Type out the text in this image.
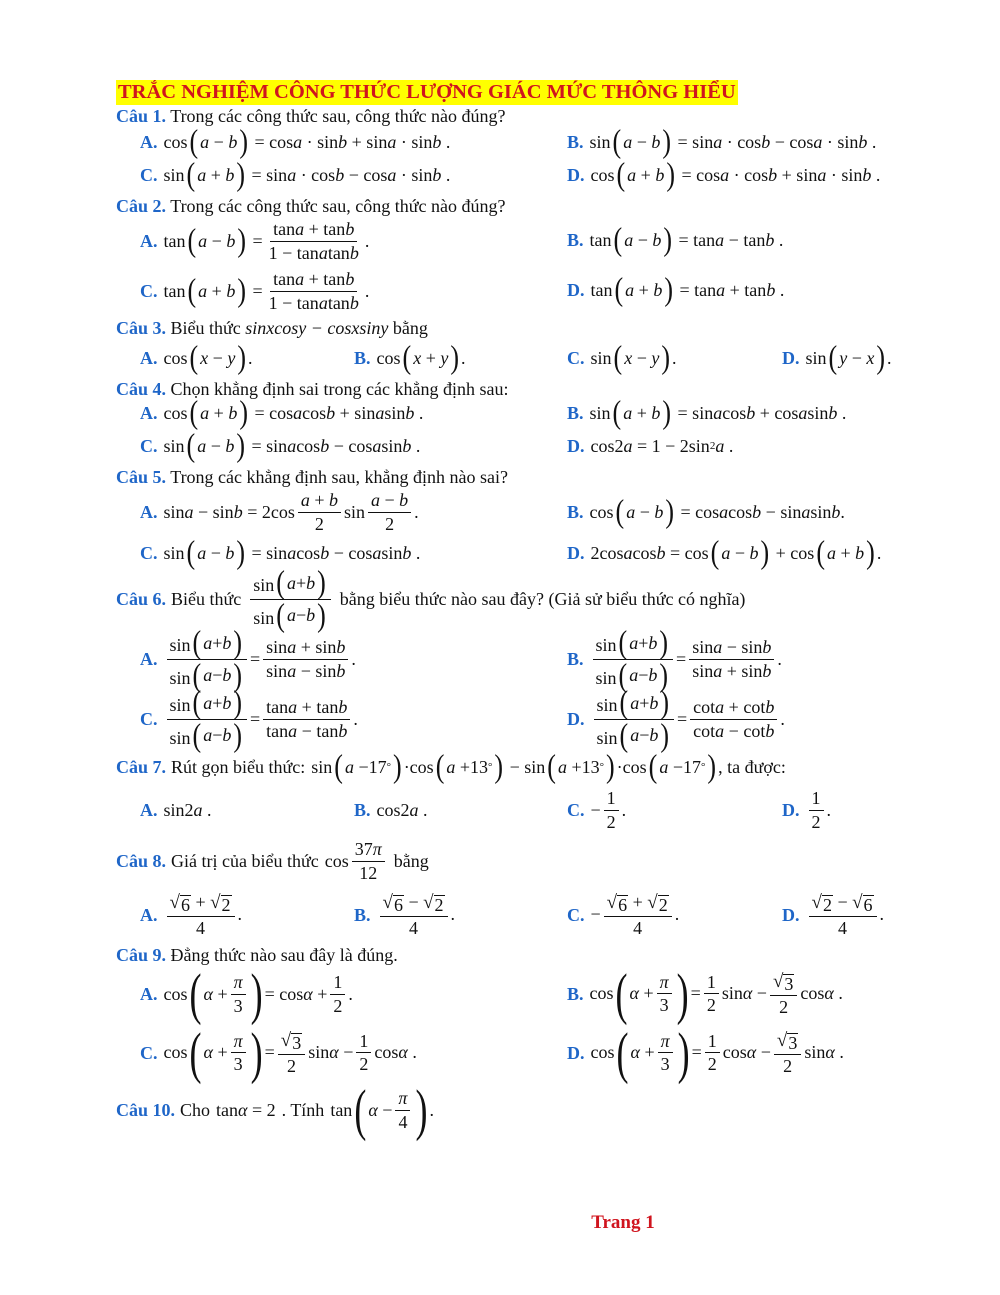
TRẮC NGHIỆM CÔNG THỨC LƯỢNG GIÁC MỨC THÔNG HIỂU
Câu 1. Trong các công thức sau, công thức nào đúng?
A. cos ( a − b ) = cos a · sin b + sin a · sin b .	B. sin ( a − b ) = sin a · cos b − cos a · sin b .
C. sin ( a + b ) = sin a · cos b − cos a · sin b .	D. cos ( a + b ) = cos a · cos b + sin a · sin b .
Câu 2. Trong các công thức sau, công thức nào đúng?
A. tan ( a − b ) = $\frac{\tan a + \tan b}{\text{1 − tanatanb}}$ .	B. tan ( a − b ) = tan a − tan b .
C. tan ( a + b ) = $\frac{\tan a + \tan b}{\text{1 − tanatanb}}$ .	D. tan ( a + b ) = tan a + tan b .
Câu 3. Biểu thức sinxcosy − cosxsiny bằng
A. cos ( x − y ) .	B. cos ( x + y ) .	C. sin ( x − y ) .	D. sin ( y − x ) .
Câu 4. Chọn khẳng định sai trong các khẳng định sau:
A. cos ( a + b ) = cos a cos b + sin a sin b .	B. sin ( a + b ) = sin a cos b + cos a sin b .
C. sin ( a − b ) = sin a cos b − cos a sin b .	D. cos2 a = 1 − 2sin 2 a .
Câu 5. Trong các khẳng định sau, khẳng định nào sai?
A. $\sin a - \sin b = 2\cos \frac{a + b}{2}$ $\sin \frac{a - b}{2}$ .	B. cos ( a − b ) = cos a cos b − sin a sin b .
C. sin ( a − b ) = sin a cos b − cos a sin b .	D. 2cos a cos b = cos ( a − b ) + cos ( a + b ) .
Câu 6. Biểu thức $\frac{\sin ( a + b )}{\sin ( a - b )}$ bằng biểu thức nào sau đây? (Giả sử biểu thức có nghĩa)
A. $\frac{\sin ( a + b )}{\sin ( a - b )} = \frac{\sin a + \sin b}{\sin a - \sin b}$ .	B. $\frac{\sin ( a + b )}{\sin ( a - b )} = \frac{\sin a - \sin b}{\sin a + \sin b}$ .
C. $\frac{\sin ( a + b )}{\sin ( a - b )} = \frac{\tan a + \tan b}{\tan a - \tan b}$ .	D. $\frac{\sin ( a + b )}{\sin ( a - b )} = \frac{\cot a + \cot b}{\cot a - \cot b}$ .
Câu 7. Rút gọn biểu thức: sin ( a −17 ° ) ·cos ( a +13 ° ) − sin ( a +13 ° ) ·cos ( a −17 ° ) , ta được:
A. sin2 a .	B. cos2 a .	C. − $\frac{1}{2}$ .	D. $\frac{1}{2}$ .
Câu 8. Giá trị của biểu thức $\cos \frac{37\pi}{12}$ bằng
A. $\frac{√ 6 + √ 2}{4}$ .	B. $\frac{√ 6 - √ 2}{4}$ .	C. − $\frac{√ 6 + √ 2}{4}$ .	D. $\frac{√ 2 - √ 6}{4}$ .
Câu 9. Đẳng thức nào sau đây là đúng.
A. cos ( $\alpha + \frac{\pi}{3}$ ) = $\cos \alpha + \frac{1}{2}$ .	B. cos ( $\alpha + \frac{\pi}{3}$ ) = $\frac{1}{2}$ $\sin \alpha - \frac{√ 3}{2}$ cos α .
C. cos ( $\alpha + \frac{\pi}{3}$ ) = $\frac{√ 3}{2}$ $\sin \alpha - \frac{1}{2}$ cos α .	D. cos ( $\alpha + \frac{\pi}{3}$ ) = $\frac{1}{2}$ $\cos \alpha - \frac{√ 3}{2}$ sin α .
Câu 10. Cho tan α = 2 . Tính tan ( $\alpha - \frac{\pi}{4}$ ) .
Trang 1
